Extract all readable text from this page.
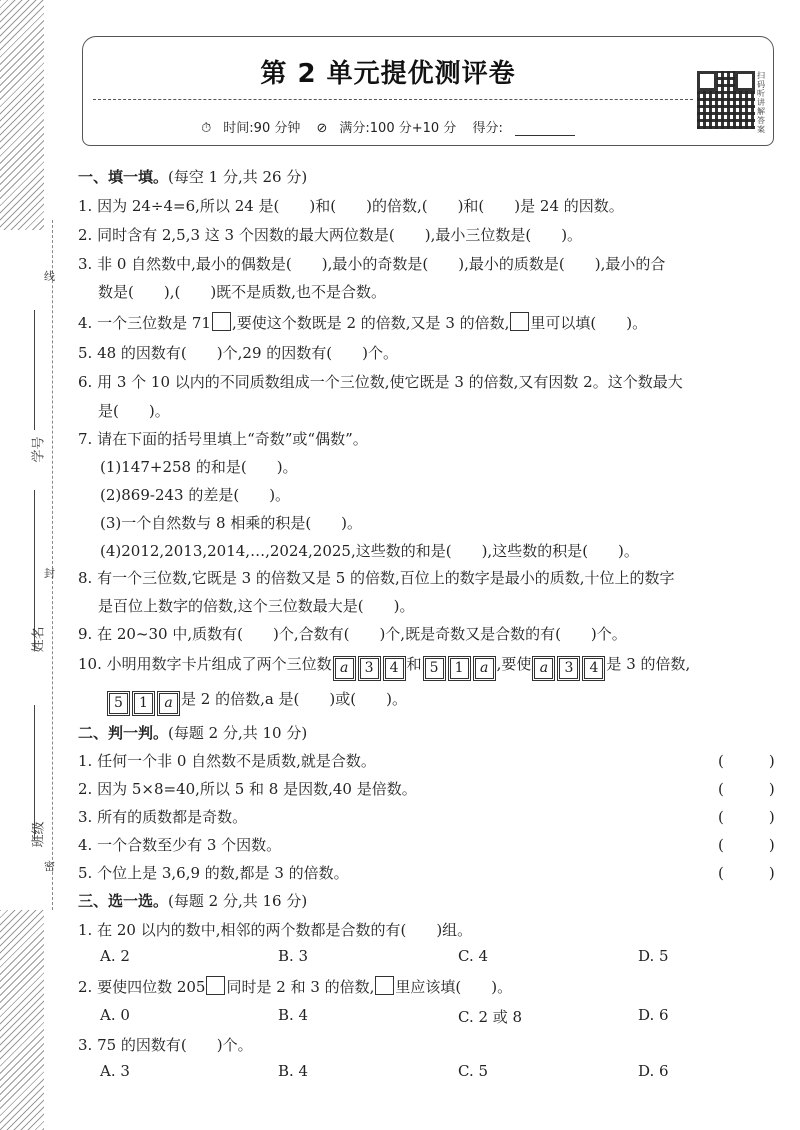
班级
姓名
学号
线
封
密
第 2 单元提优测评卷
⏱ 时间:90 分钟 ⊘ 满分:100 分+10 分 得分:
扫码听讲解答案
一、填一填。(每空 1 分,共 26 分)
1. 因为 24÷4=6,所以 24 是(　　)和(　　)的倍数,(　　)和(　　)是 24 的因数。
2. 同时含有 2,5,3 这 3 个因数的最大两位数是(　　),最小三位数是(　　)。
3. 非 0 自然数中,最小的偶数是(　　),最小的奇数是(　　),最小的质数是(　　),最小的合
数是(　　),(　　)既不是质数,也不是合数。
4. 一个三位数是 71 ,要使这个数既是 2 的倍数,又是 3 的倍数, 里可以填(　　)。
5. 48 的因数有(　　)个,29 的因数有(　　)个。
6. 用 3 个 10 以内的不同质数组成一个三位数,使它既是 3 的倍数,又有因数 2。这个数最大
是(　　)。
7. 请在下面的括号里填上“奇数”或“偶数”。
(1)147+258 的和是(　　)。
(2)869-243 的差是(　　)。
(3)一个自然数与 8 相乘的积是(　　)。
(4)2012,2013,2014,…,2024,2025,这些数的和是(　　),这些数的积是(　　)。
8. 有一个三位数,它既是 3 的倍数又是 5 的倍数,百位上的数字是最小的质数,十位上的数字
是百位上数字的倍数,这个三位数最大是(　　)。
9. 在 20~30 中,质数有(　　)个,合数有(　　)个,既是奇数又是合数的有(　　)个。
10. 小明用数字卡片组成了两个三位数 a 3 4 和 5 1 a ,要使 a 3 4 是 3 的倍数,
5 1 a 是 2 的倍数,a 是(　　)或(　　)。
二、判一判。(每题 2 分,共 10 分)
1. 任何一个非 0 自然数不是质数,就是合数。	(　　　)
2. 因为 5×8=40,所以 5 和 8 是因数,40 是倍数。	(　　　)
3. 所有的质数都是奇数。	(　　　)
4. 一个合数至少有 3 个因数。	(　　　)
5. 个位上是 3,6,9 的数,都是 3 的倍数。	(　　　)
三、选一选。(每题 2 分,共 16 分)
1. 在 20 以内的数中,相邻的两个数都是合数的有(　　)组。
A. 2	B. 3	C. 4	D. 5
2. 要使四位数 205 同时是 2 和 3 的倍数, 里应该填(　　)。
A. 0	B. 4	C. 2 或 8	D. 6
3. 75 的因数有(　　)个。
A. 3	B. 4	C. 5	D. 6
